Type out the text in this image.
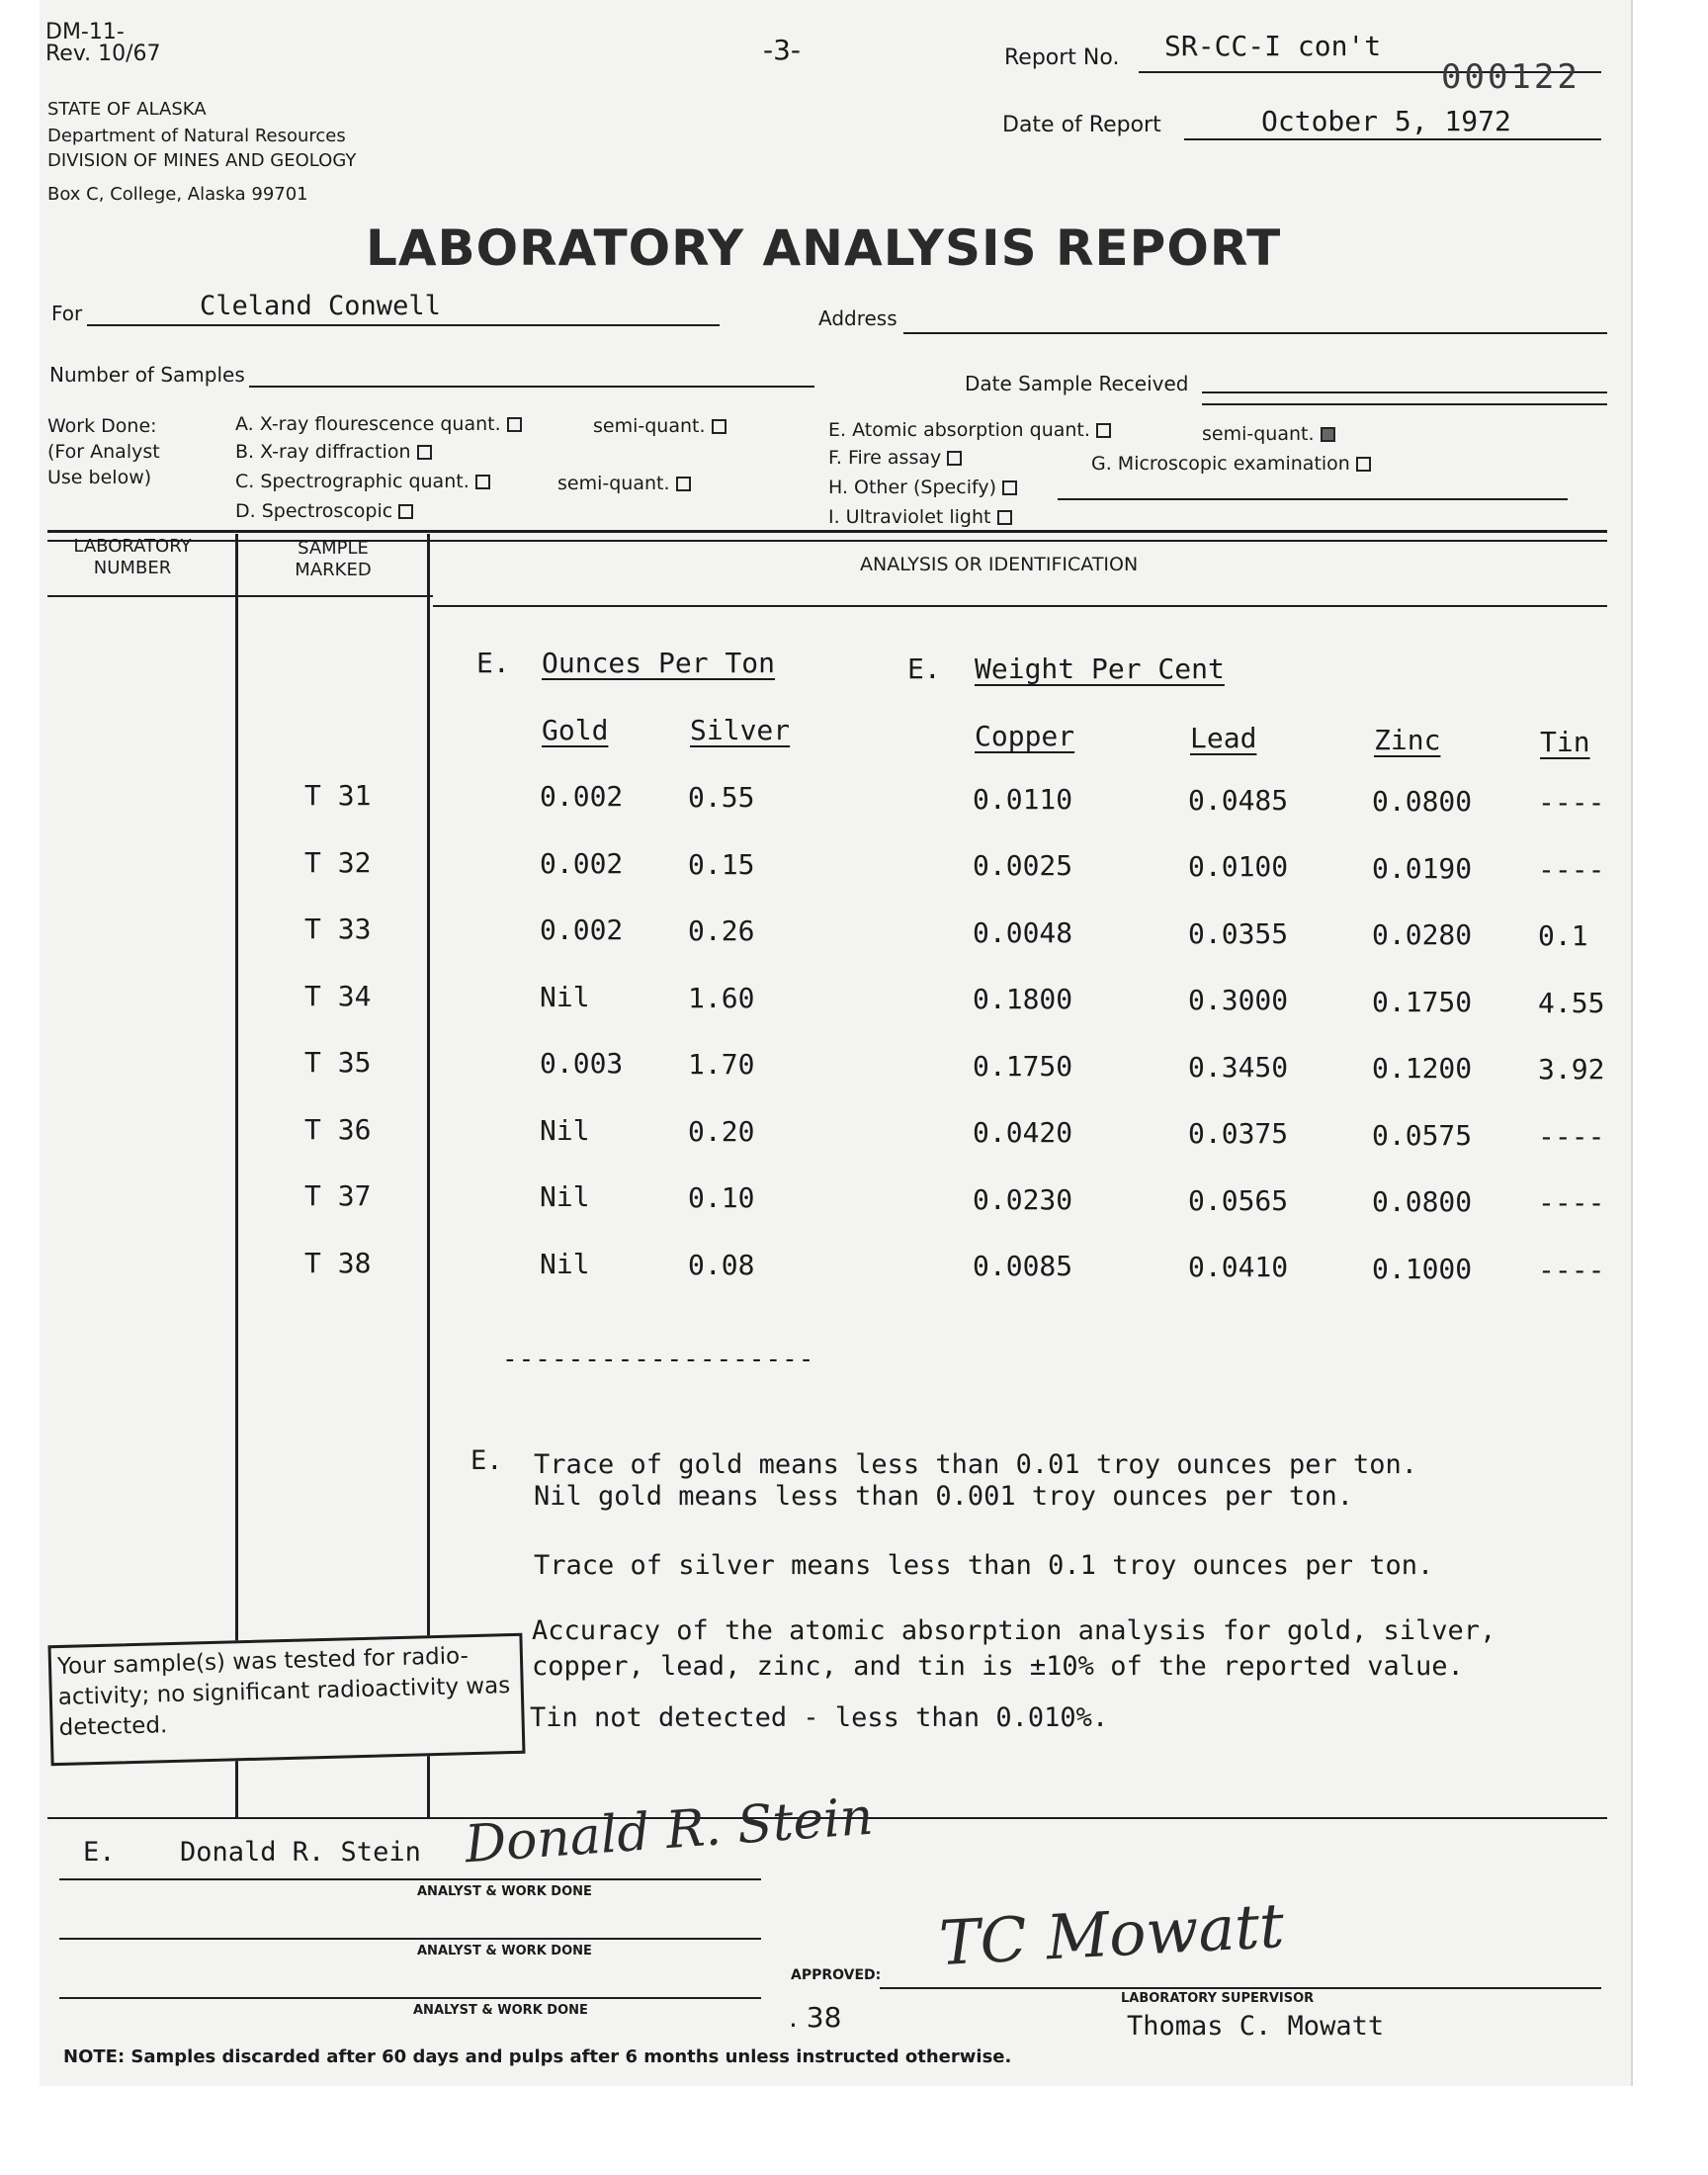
DM-11-
Rev. 10/67	-3-	Report No. SR-CC-I con't
000122
Date of Report	October 5, 1972
STATE OF ALASKA
Department of Natural Resources
DIVISION OF MINES AND GEOLOGY
Box C, College, Alaska 99701
LABORATORY ANALYSIS REPORT
For	Cleland Conwell	Address
Number of Samples	Date Sample Received
Work Done:
(For Analyst
Use below)
A. X-ray flourescence quant.	semi-quant.
B. X-ray diffraction
C. Spectrographic quant.	semi-quant.
D. Spectroscopic
E. Atomic absorption quant.	semi-quant.
F. Fire assay	G. Microscopic examination
H. Other (Specify)
I. Ultraviolet light
LABORATORY
NUMBER
SAMPLE
MARKED	ANALYSIS OR IDENTIFICATION
E. Ounces Per Ton	E. Weight Per Cent
Gold	Silver	Copper	Lead	Zinc	Tin
T 31	0.002 0.55	0.0110	0.0485	0.0800 ----
T 32	0.002 0.15	0.0025	0.0100	0.0190 ----
T 33	0.002 0.26	0.0048	0.0355	0.0280 0.1
T 34	Nil	1.60	0.1800	0.3000	0.1750 4.55
T 35	0.003 1.70	0.1750	0.3450	0.1200 3.92
T 36	Nil	0.20	0.0420	0.0375	0.0575 ----
T 37	Nil	0.10	0.0230	0.0565	0.0800 ----
T 38	Nil	0.08	0.0085	0.0410	0.1000 ----
-------------------
E. Trace of gold means less than 0.01 troy ounces per ton.
Nil gold means less than 0.001 troy ounces per ton.
Trace of silver means less than 0.1 troy ounces per ton.
Accuracy of the atomic absorption analysis for gold, silver,
copper, lead, zinc, and tin is ±10% of the reported value.
Tin not detected - less than 0.010%.
Your sample(s) was tested for radio-activity; no significant radioactivity was detected.
E. Donald R. Stein Donald R. Stein
ANALYST & WORK DONE
ANALYST & WORK DONE
ANALYST & WORK DONE
APPROVED: TC Mowatt
LABORATORY SUPERVISOR
Thomas C. Mowatt
. 38
NOTE: Samples discarded after 60 days and pulps after 6 months unless instructed otherwise.
